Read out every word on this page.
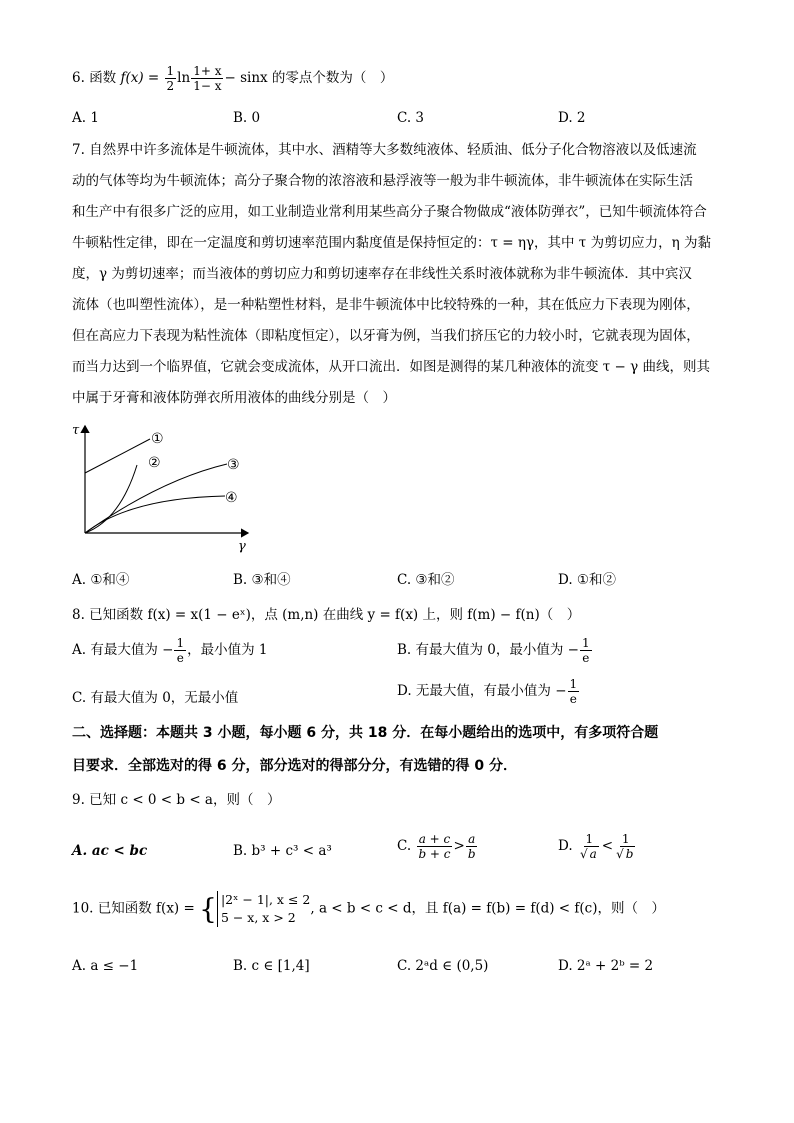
6. 函数 $f(x) = \frac{1}{2}$ $\ln \frac{1+ x}{1- x} - \sin x$ 的零点个数为（　）
A. 1	B. 0	C. 3	D. 2
7. 自然界中许多流体是牛顿流体，其中水、酒精等大多数纯液体、轻质油、低分子化合物溶液以及低速流
动的气体等均为牛顿流体；高分子聚合物的浓溶液和悬浮液等一般为非牛顿流体，非牛顿流体在实际生活
和生产中有很多广泛的应用，如工业制造业常利用某些高分子聚合物做成“液体防弹衣”，已知牛顿流体符合
牛顿粘性定律，即在一定温度和剪切速率范围内黏度值是保持恒定的：τ = ηγ，其中 τ 为剪切应力，η 为黏
度，γ 为剪切速率；而当液体的剪切应力和剪切速率存在非线性关系时液体就称为非牛顿流体．其中宾汉
流体（也叫塑性流体），是一种粘塑性材料，是非牛顿流体中比较特殊的一种，其在低应力下表现为刚体，
但在高应力下表现为粘性流体（即粘度恒定），以牙膏为例，当我们挤压它的力较小时，它就表现为固体，
而当力达到一个临界值，它就会变成流体，从开口流出．如图是测得的某几种液体的流变 τ − γ 曲线，则其
中属于牙膏和液体防弹衣所用液体的曲线分别是（　）
τ
γ
①
②	③
④
A. ①和④	B. ③和④	C. ③和②	D. ①和②
8. 已知函数 f(x) = x(1 − eˣ)，点 (m,n) 在曲线 y = f(x) 上，则 f(m) − f(n)（　）
A. 有最大值为 − $\frac{1}{e}$ ，最小值为 1	B. 有最大值为 0，最小值为 − $\frac{1}{e}$
C. 有最大值为 0，无最小值	D. 无最大值，有最小值为 − $\frac{1}{e}$
二、选择题：本题共 3 小题，每小题 6 分，共 18 分．在每小题给出的选项中，有多项符合题
目要求．全部选对的得 6 分，部分选对的得部分分，有选错的得 0 分．
9. 已知 c < 0 < b < a，则（　）
A. ac < bc	B. b³ + c³ < a³	C. $\frac{a + c}{b + c} > \frac{a}{b}$	D. $\frac{1}{√ a} < \frac{1}{√ b}$
10. 已知函数 f(x) = { |2ˣ − 1|, x ≤ 2
5 − x, x > 2, a < b < c < d，且 f(a) = f(b) = f(d) < f(c)，则（　）
A. a ≤ −1	B. c ∈ [1,4]	C. 2ᵃd ∈ (0,5)	D. 2ᵃ + 2ᵇ = 2
